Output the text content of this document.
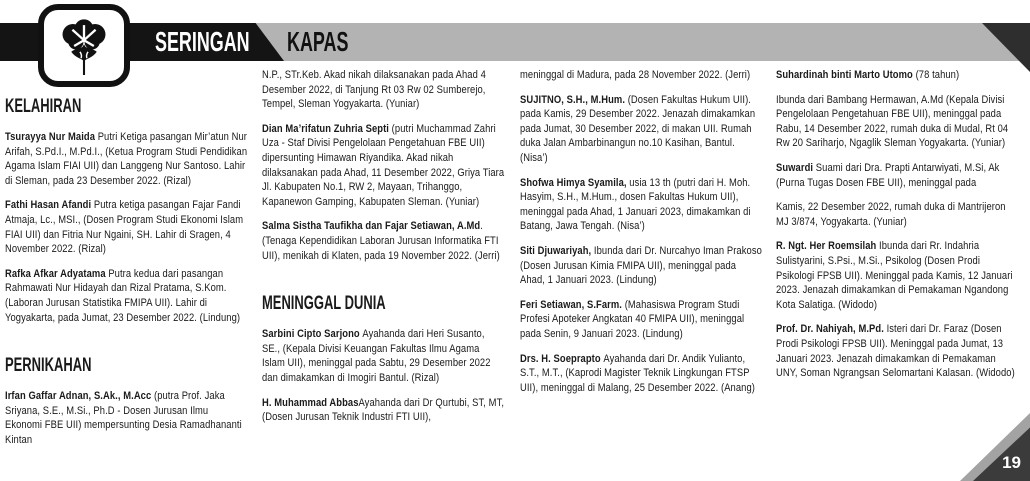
SERINGAN KAPAS
KELAHIRAN

Tsurayya Nur Maida Putri Ketiga pasangan Mir’atun Nur Arifah, S.Pd.I., M.Pd.I., (Ketua Program Studi Pendidikan Agama Islam FIAI UII) dan Langgeng Nur Santoso. Lahir di Sleman, pada 23 Desember 2022. (Rizal)

Fathi Hasan Afandi Putra ketiga pasangan Fajar Fandi Atmaja, Lc., MSI., (Dosen Program Studi Ekonomi Islam FIAI UII) dan Fitria Nur Ngaini, SH. Lahir di Sragen, 4 November 2022. (Rizal)

Rafka Afkar Adyatama Putra kedua dari pasangan Rahmawati Nur Hidayah dan Rizal Pratama, S.Kom. (Laboran Jurusan Statistika FMIPA UII). Lahir di Yogyakarta, pada Jumat, 23 Desember 2022. (Lindung)

PERNIKAHAN

Irfan Gaffar Adnan, S.Ak., M.Acc (putra Prof. Jaka Sriyana, S.E., M.Si., Ph.D - Dosen Jurusan Ilmu Ekonomi FBE UII) mempersunting Desia Ramadhananti Kintan

N.P., STr.Keb. Akad nikah dilaksanakan pada Ahad 4 Desember 2022, di Tanjung Rt 03 Rw 02 Sumberejo, Tempel, Sleman Yogyakarta. (Yuniar)

Dian Ma’rifatun Zuhria Septi (putri Muchammad Zahri Uza - Staf Divisi Pengelolaan Pengetahuan FBE UII) dipersunting Himawan Riyandika. Akad nikah dilaksanakan pada Ahad, 11 Desember 2022, Griya Tiara Jl. Kabupaten No.1, RW 2, Mayaan, Trihanggo, Kapanewon Gamping, Kabupaten Sleman. (Yuniar)

Salma Sistha Taufikha dan Fajar Setiawan, A.Md. (Tenaga Kependidikan Laboran Jurusan Informatika FTI UII), menikah di Klaten, pada 19 November 2022. (Jerri)

MENINGGAL DUNIA

Sarbini Cipto Sarjono Ayahanda dari Heri Susanto, SE., (Kepala Divisi Keuangan Fakultas Ilmu Agama Islam UII), meninggal pada Sabtu, 29 Desember 2022 dan dimakamkan di Imogiri Bantul. (Rizal)

H. Muhammad AbbasAyahanda dari Dr Qurtubi, ST, MT, (Dosen Jurusan Teknik Industri FTI UII),

meninggal di Madura, pada 28 November 2022. (Jerri)

SUJITNO, S.H., M.Hum. (Dosen Fakultas Hukum UII). pada Kamis, 29 Desember 2022. Jenazah dimakamkan pada Jumat, 30 Desember 2022, di makan UII. Rumah duka Jalan Ambarbinangun no.10 Kasihan, Bantul. (Nisa’)

Shofwa Himya Syamila, usia 13 th (putri dari H. Moh. Hasyim, S.H., M.Hum., dosen Fakultas Hukum UII), meninggal pada Ahad, 1 Januari 2023, dimakamkan di Batang, Jawa Tengah. (Nisa’)

Siti Djuwariyah, Ibunda dari Dr. Nurcahyo Iman Prakoso (Dosen Jurusan Kimia FMIPA UII), meninggal pada Ahad, 1 Januari 2023. (Lindung)

Feri Setiawan, S.Farm. (Mahasiswa Program Studi Profesi Apoteker Angkatan 40 FMIPA UII), meninggal pada Senin, 9 Januari 2023. (Lindung)

Drs. H. Soeprapto Ayahanda dari Dr. Andik Yulianto, S.T., M.T., (Kaprodi Magister Teknik Lingkungan FTSP UII), meninggal di Malang, 25 Desember 2022. (Anang)

Suhardinah binti Marto Utomo (78 tahun)

Ibunda dari Bambang Hermawan, A.Md (Kepala Divisi Pengelolaan Pengetahuan FBE UII), meninggal pada Rabu, 14 Desember 2022, rumah duka di Mudal, Rt 04 Rw 20 Sariharjo, Ngaglik Sleman Yogyakarta. (Yuniar)

Suwardi Suami dari Dra. Prapti Antarwiyati, M.Si, Ak (Purna Tugas Dosen FBE UII), meninggal pada

Kamis, 22 Desember 2022, rumah duka di Mantrijeron MJ 3/874, Yogyakarta. (Yuniar)

R. Ngt. Her Roemsilah Ibunda dari Rr. Indahria Sulistyarini, S.Psi., M.Si., Psikolog (Dosen Prodi Psikologi FPSB UII). Meninggal pada Kamis, 12 Januari 2023. Jenazah dimakamkan di Pemakaman Ngandong Kota Salatiga. (Widodo)

Prof. Dr. Nahiyah, M.Pd. Isteri dari Dr. Faraz (Dosen Prodi Psikologi FPSB UII). Meninggal pada Jumat, 13 Januari 2023. Jenazah dimakamkan di Pemakaman UNY, Soman Ngrangsan Selomartani Kalasan. (Widodo)

19
